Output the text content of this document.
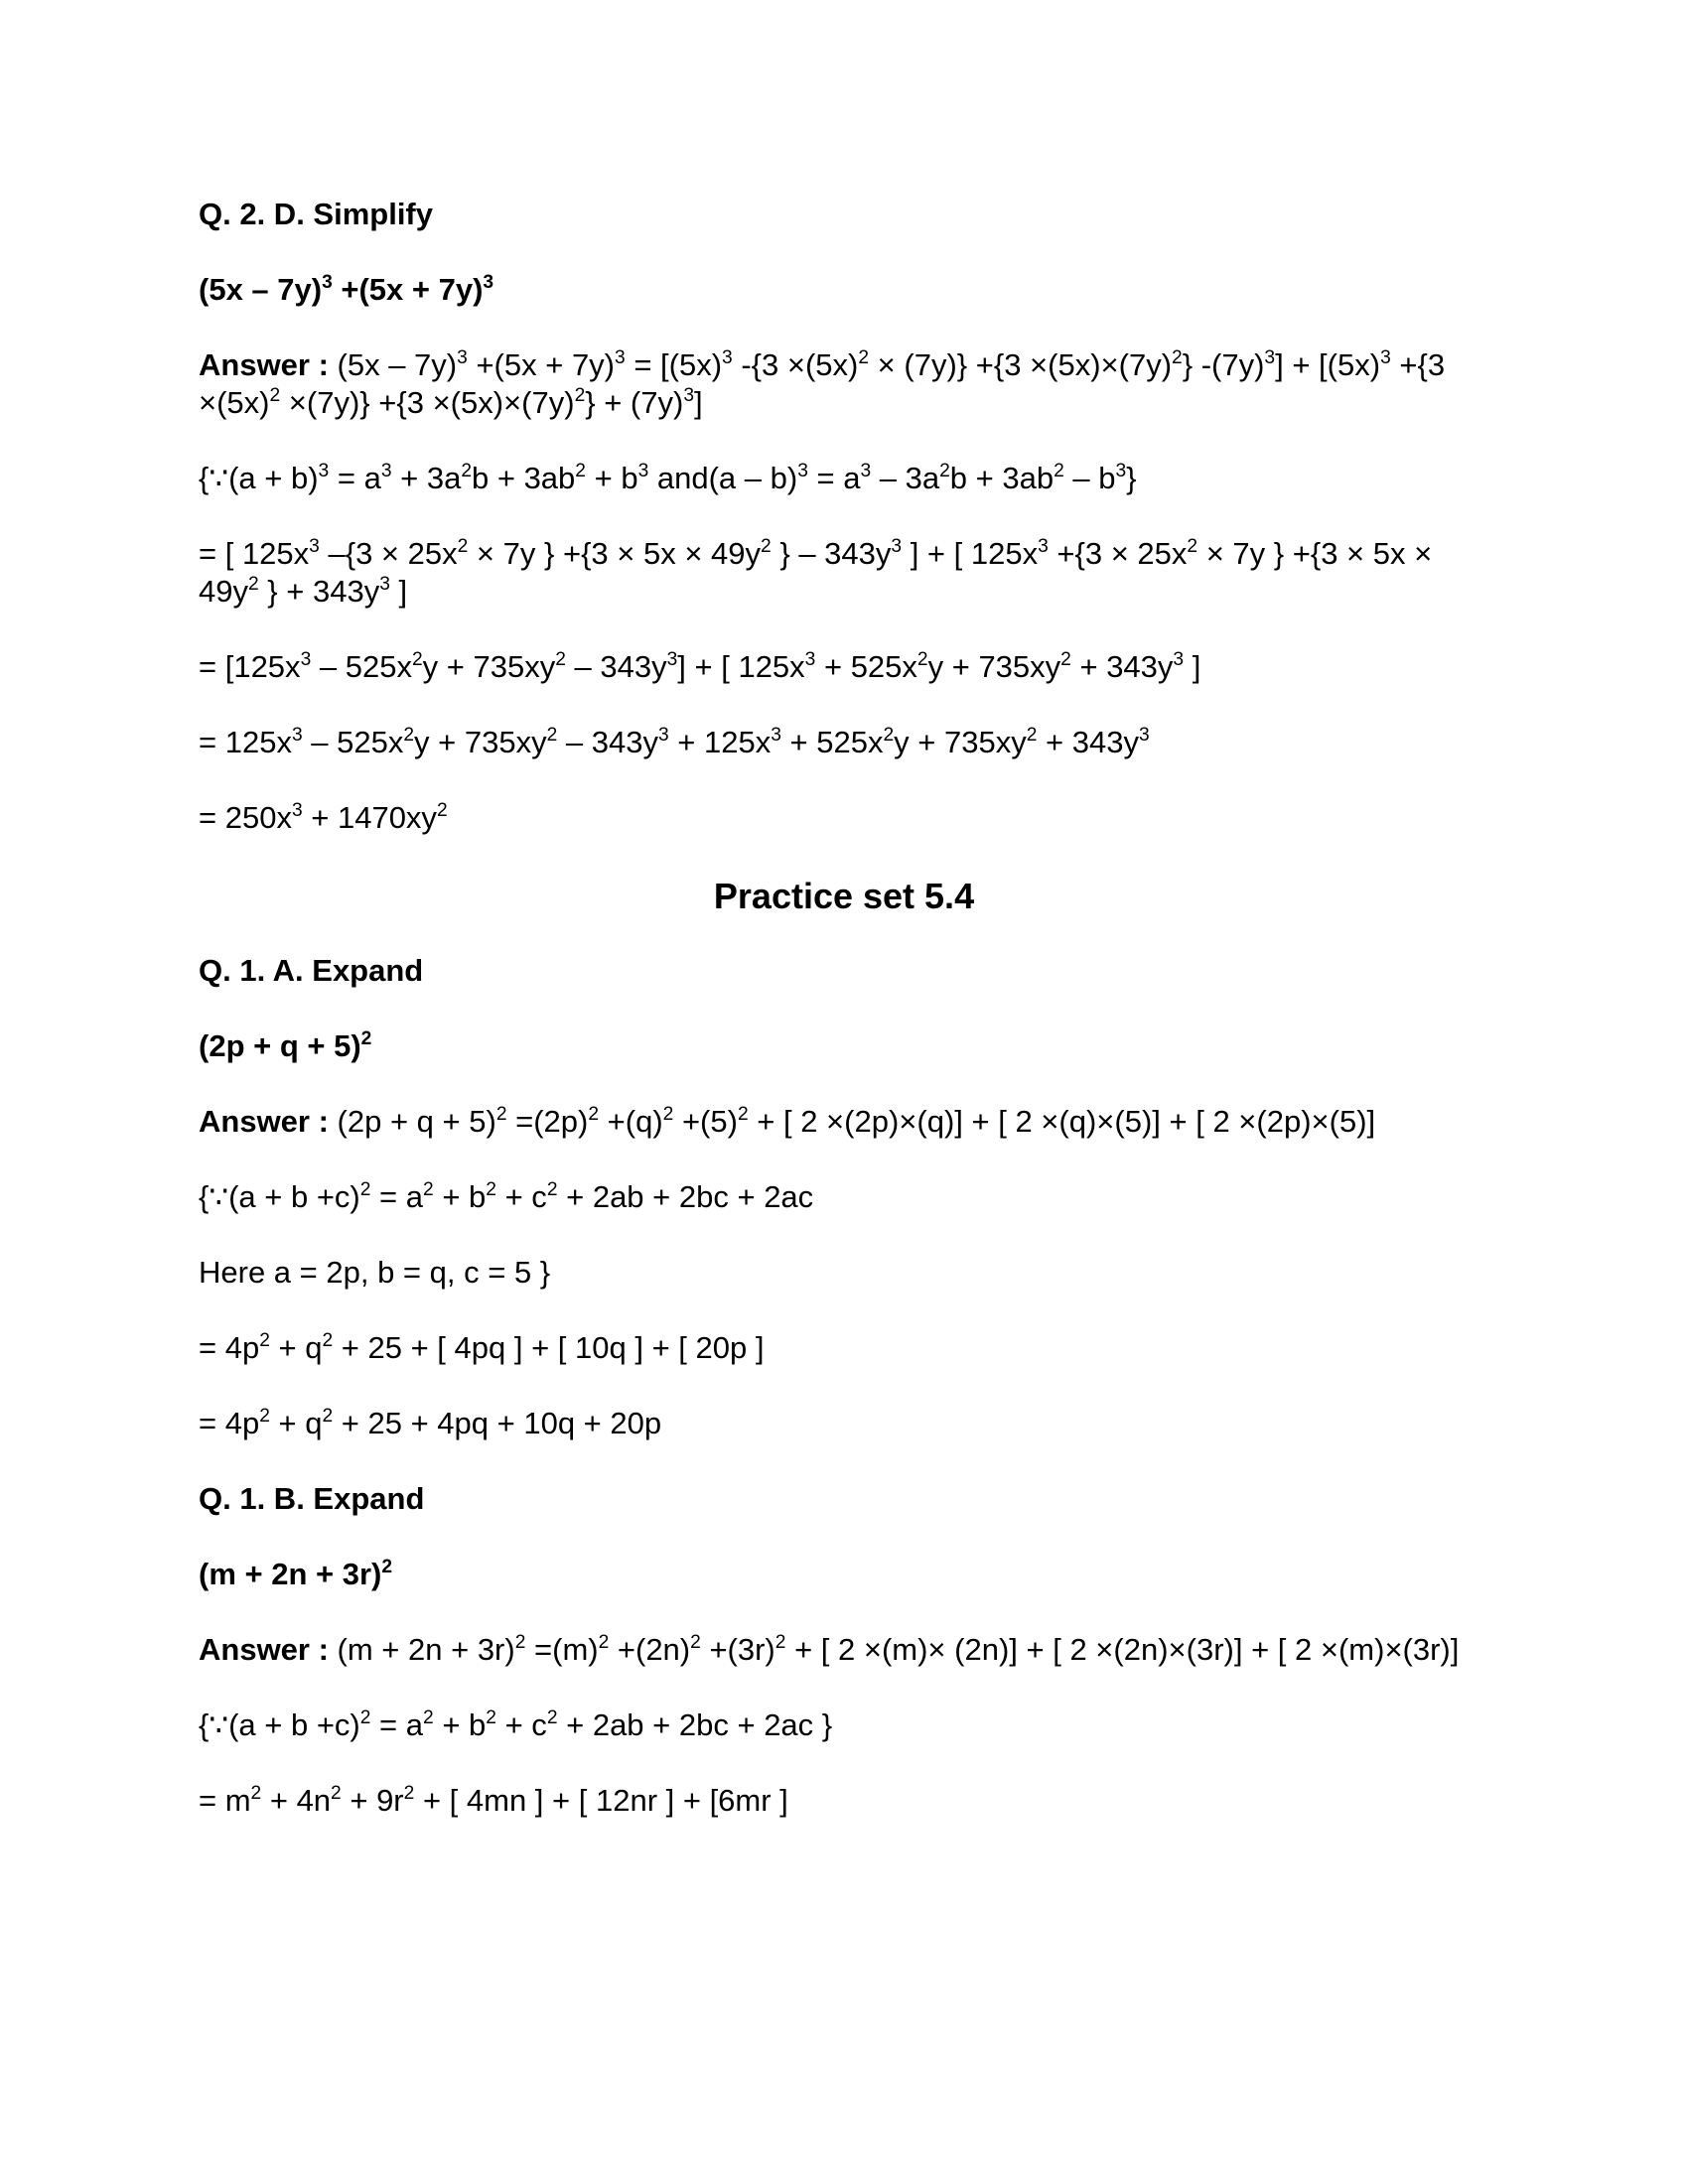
Q. 2. D. Simplify
$(5x - 7y)^3 +(5x + 7y)^3$
Answer : $(5x - 7y)^3 +(5x + 7y)^3 = [(5x)^3$ $-\{3 \times(5x)^2 \times (7y)\} +\{3 \times(5x)\times(7y)^2\}$ $-(7y)^3] + [(5x)^3 +\{3 \times(5x)^2 \times(7y)\} +\{3 \times(5x)\times(7y)^2\} + (7y)^3]$
{∵(a + $b)^3 = a^3 + 3a^2b + 3ab^2 + b^3$ $and(a - b)^3 = a^3 - 3a^2b + 3ab^2 - b^3$}
= [ $125x^3$ $-\{3 \times 25x^2 \times 7y$ } $+\{3 \times 5x \times 49y^2$ } – $343y^3$ ] + [ $125x^3 +\{3 \times 25x^2 \times 7y$ } $+\{3 \times 5x \times 49y^2$ } + $343y^3$ ]
= $[125x^3 - 525x^2y + 735xy^2 - 343y^3]$ + [ $125x^3 + 525x^2y + 735xy^2 + 343y^3$ ]
= $125x^3 - 525x^2y + 735xy^2 - 343y^3 + 125x^3 + 525x^2y + 735xy^2 + 343y^3$
= $250x^3 + 1470xy^2$
Practice set 5.4
Q. 1. A. Expand
$(2p + q + 5)^2$
Answer : $(2p + q + 5)^2 =(2p)^2 +(q)^2 +(5)^2$ + [ 2 ×(2p)×(q)] + [ 2 ×(q)×(5)] + [ 2 ×(2p)×(5)]
{∵(a + $b +c)^2 = a^2 + b^2 + c^2 + 2ab + 2bc + 2ac$
Here a = 2p, b = q, c = 5 }
= $4p^2 + q^2 + 25$ + [ 4pq ] + [ 10q ] + [ 20p ]
= $4p^2 + q^2 + 25 + 4pq + 10q + 20p$
Q. 1. B. Expand
$(m + 2n + 3r)^2$
Answer : $(m + 2n + 3r)^2 =(m)^2 +(2n)^2 +(3r)^2$ + [ 2 ×(m)× (2n)] + [ 2 ×(2n)×(3r)] + [ 2 ×(m)×(3r)]
{∵(a + $b +c)^2 = a^2 + b^2 + c^2 + 2ab + 2bc + 2ac$ }
= $m^2 + 4n^2 + 9r^2$ + [ 4mn ] + [ 12nr ] + [6mr ]
